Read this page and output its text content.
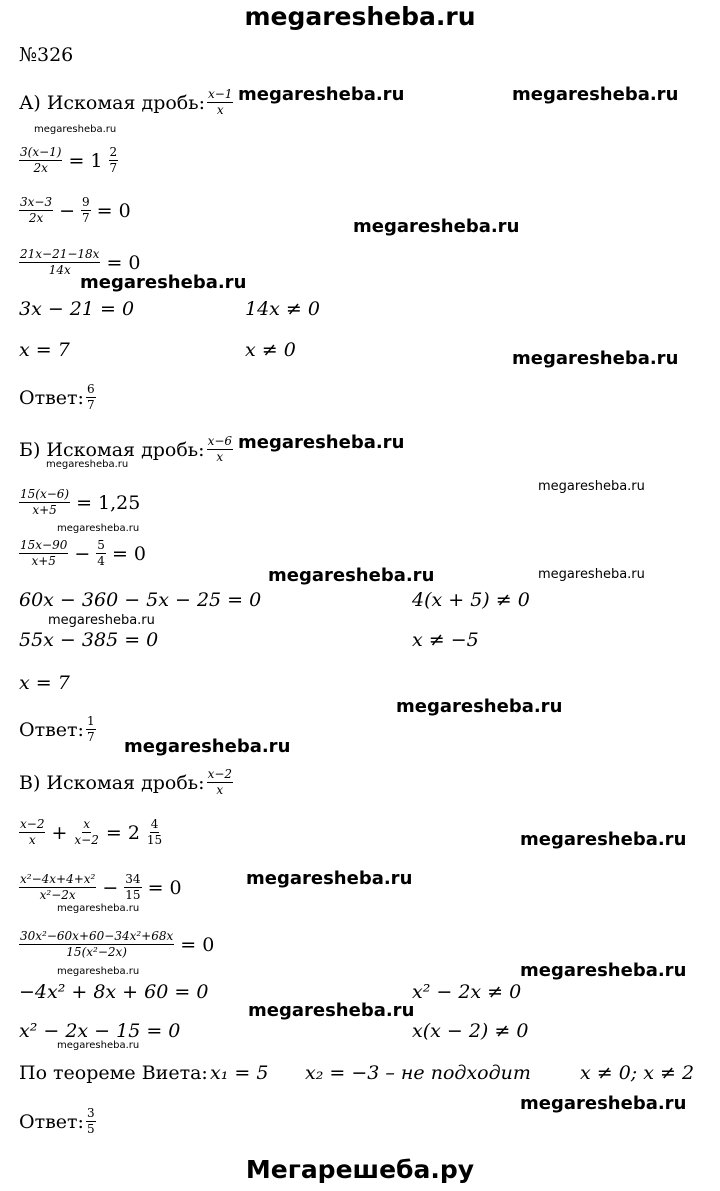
megaresheba.ru
megaresheba.ru	megaresheba.ru
megaresheba.ru
megaresheba.ru
megaresheba.ru
megaresheba.ru
megaresheba.ru
megaresheba.ru
megaresheba.ru
megaresheba.ru
megaresheba.ru	megaresheba.ru
megaresheba.ru
megaresheba.ru
megaresheba.ru
megaresheba.ru
megaresheba.ru
megaresheba.ru
megaresheba.ru	megaresheba.ru
megaresheba.ru
megaresheba.ru
megaresheba.ru
№326
А) Искомая дробь: $\frac{x-1}{x}$
$\frac{3(x-1)}{2x} = 1 \frac{2}{7}$
$\frac{3x-3}{2x} - \frac{9}{7} = 0$
$\frac{21x-21-18x}{14x} = 0$
3x − 21 = 0	14x ≠ 0
x = 7	x ≠ 0
Ответ: $\frac{6}{7}$
Б) Искомая дробь: $\frac{x-6}{x}$
$\frac{15(x-6)}{x+5} = 1,25$
$\frac{15x-90}{x+5} - \frac{5}{4} = 0$
60x − 360 − 5x − 25 = 0	4(x + 5) ≠ 0
55x − 385 = 0	x ≠ −5
x = 7
Ответ: $\frac{1}{7}$
В) Искомая дробь: $\frac{x-2}{x}$
$\frac{x-2}{x} + \frac{x}{x-2} = 2 \frac{4}{15}$
$\frac{\text{x²−4x+4+x²}}{\text{x²−2x}} - \frac{34}{15} = 0$
$\frac{\text{30x²−60x+60−34x²+68x}}{\text{15(x²−2x)}} = 0$
−4x² + 8x + 60 = 0	x² − 2x ≠ 0
x² − 2x − 15 = 0	x(x − 2) ≠ 0
По теореме Виета: x₁ = 5 x₂ = −3 – не подходит	x ≠ 0; x ≠ 2
Ответ: $\frac{3}{5}$
Мегарешеба.ру
